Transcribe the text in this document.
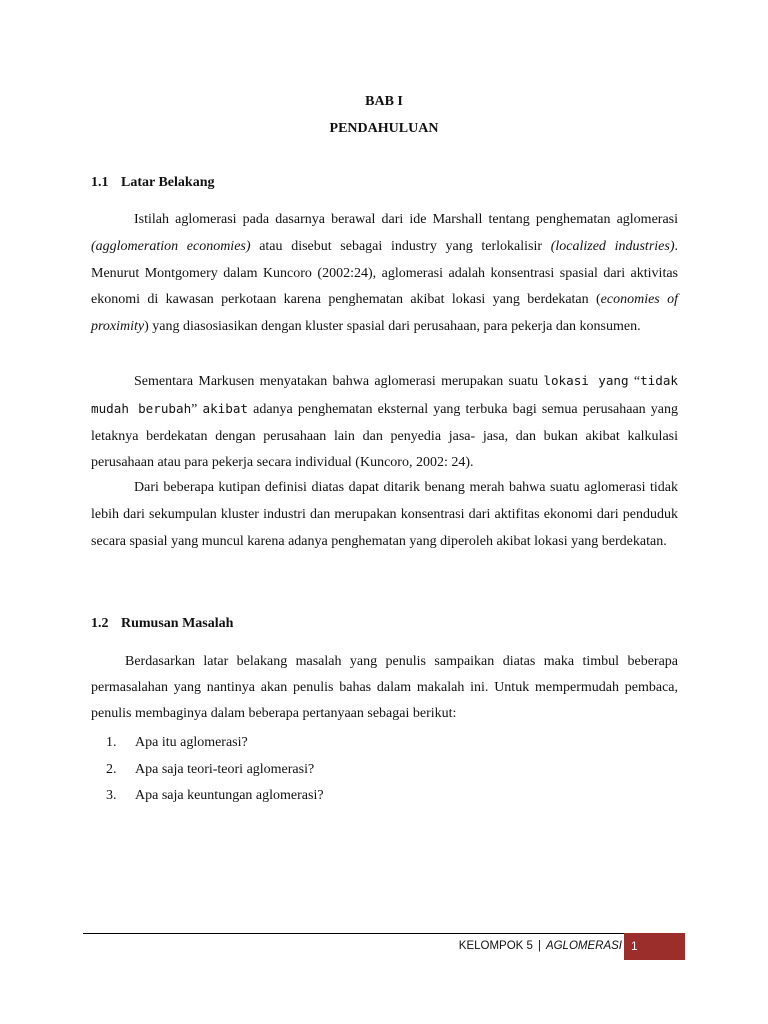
BAB I
PENDAHULUAN
1.1 Latar Belakang

Istilah aglomerasi pada dasarnya berawal dari ide Marshall tentang penghematan aglomerasi (agglomeration economies) atau disebut sebagai industry yang terlokalisir (localized industries). Menurut Montgomery dalam Kuncoro (2002:24), aglomerasi adalah konsentrasi spasial dari aktivitas ekonomi di kawasan perkotaan karena penghematan akibat lokasi yang berdekatan (economies of proximity) yang diasosiasikan dengan kluster spasial dari perusahaan, para pekerja dan konsumen.

Sementara Markusen menyatakan bahwa aglomerasi merupakan suatu lokasi yang “tidak mudah berubah” akibat adanya penghematan eksternal yang terbuka bagi semua perusahaan yang letaknya berdekatan dengan perusahaan lain dan penyedia jasa- jasa, dan bukan akibat kalkulasi perusahaan atau para pekerja secara individual (Kuncoro, 2002: 24).

Dari beberapa kutipan definisi diatas dapat ditarik benang merah bahwa suatu aglomerasi tidak lebih dari sekumpulan kluster industri dan merupakan konsentrasi dari aktifitas ekonomi dari penduduk secara spasial yang muncul karena adanya penghematan yang diperoleh akibat lokasi yang berdekatan.

1.2 Rumusan Masalah

Berdasarkan latar belakang masalah yang penulis sampaikan diatas maka timbul beberapa permasalahan yang nantinya akan penulis bahas dalam makalah ini. Untuk mempermudah pembaca, penulis membaginya dalam beberapa pertanyaan sebagai berikut:

1. Apa itu aglomerasi?
2. Apa saja teori-teori aglomerasi?
3. Apa saja keuntungan aglomerasi?
KELOMPOK 5 | AGLOMERASI 1
